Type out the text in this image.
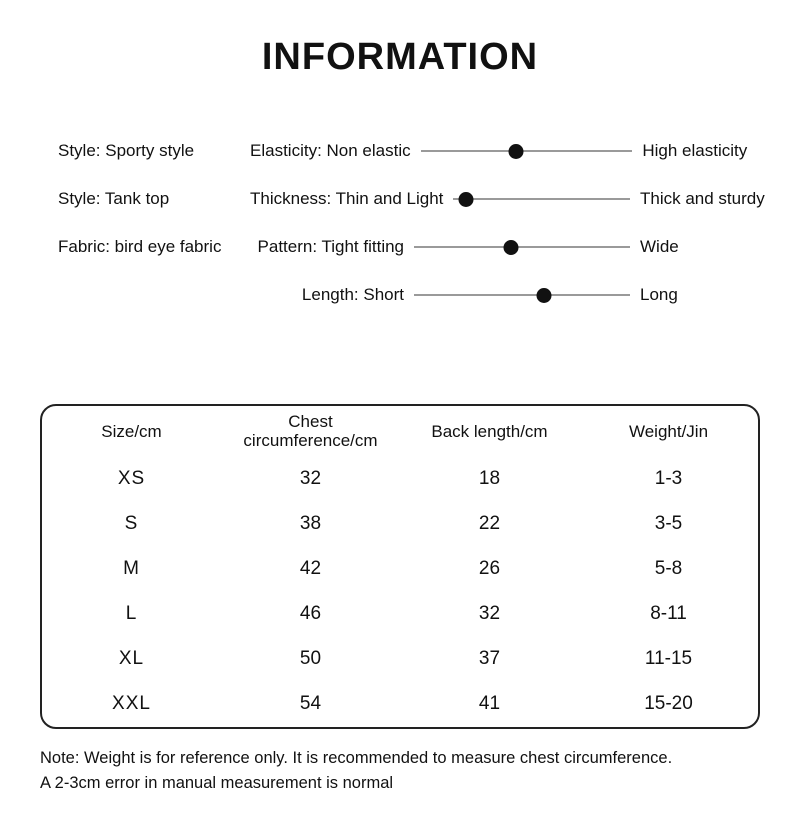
INFORMATION
Style: Sporty style
Style: Tank top
Fabric: bird eye fabric
Elasticity: Non elastic	High elasticity
Thickness: Thin and Light	Thick and sturdy
Pattern: Tight fitting	Wide
Length: Short	Long
Size/cm	Chest circumference/cm	Back length/cm	Weight/Jin
XS	32	18	1-3
S	38	22	3-5
M	42	26	5-8
L	46	32	8-11
XL	50	37	11-15
XXL	54	41	15-20
Note: Weight is for reference only. It is recommended to measure chest circumference.
A 2-3cm error in manual measurement is normal
